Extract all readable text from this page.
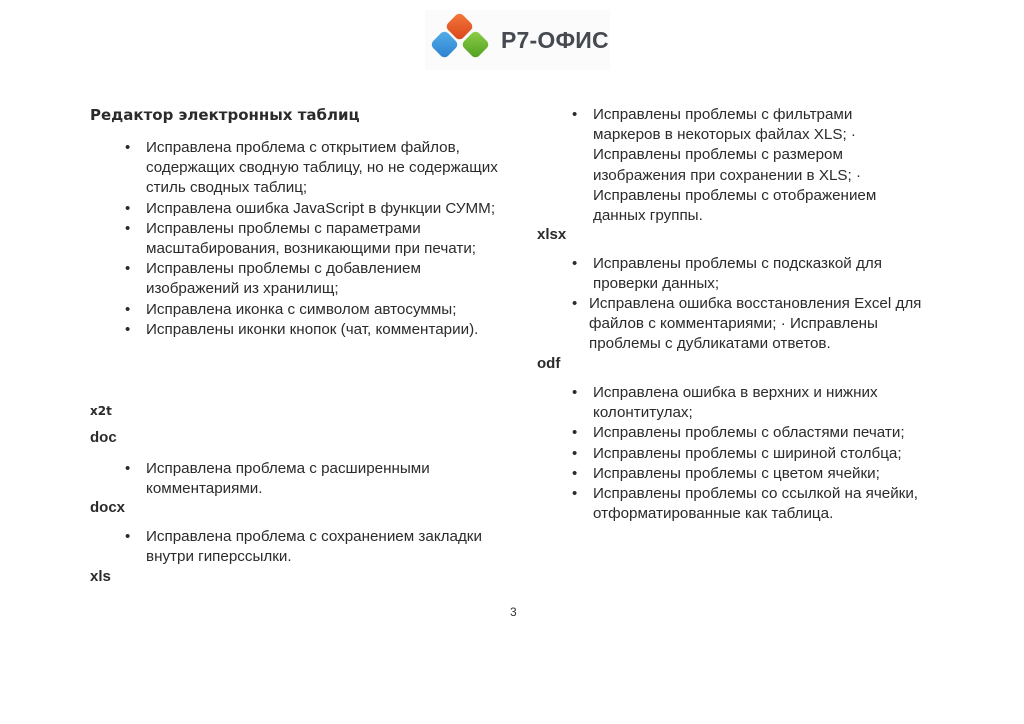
Р7-ОФИС
Редактор электронных таблиц
• Исправлена проблема с открытием файлов, содержащих сводную таблицу, но не содержащих стиль сводных таблиц;
• Исправлена ошибка JavaScript в функции СУММ;
• Исправлены проблемы с параметрами масштабирования, возникающими при печати;
• Исправлены проблемы с добавлением изображений из хранилищ;
• Исправлена иконка с символом автосуммы;
• Исправлены иконки кнопок (чат, комментарии).
x2t
doc
• Исправлена проблема с расширенными комментариями.
docx
• Исправлена проблема с сохранением закладки внутри гиперссылки.
xls
• Исправлены проблемы с фильтрами маркеров в некоторых файлах XLS; · Исправлены проблемы с размером изображения при сохранении в XLS; · Исправлены проблемы с отображением данных группы.
xlsx
• Исправлены проблемы с подсказкой для проверки данных;
• Исправлена ошибка восстановления Excel для файлов с комментариями; · Исправлены проблемы с дубликатами ответов.
odf
• Исправлена ошибка в верхних и нижних колонтитулах;
• Исправлены проблемы с областями печати;
• Исправлены проблемы с шириной столбца;
• Исправлены проблемы с цветом ячейки;
• Исправлены проблемы со ссылкой на ячейки, отформатированные как таблица.
3
